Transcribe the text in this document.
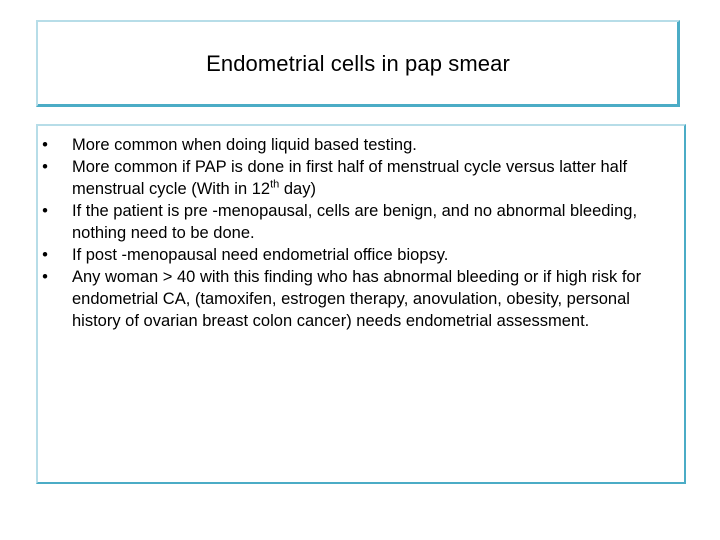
Endometrial cells in pap smear
•	More common when doing liquid based testing.
•	More common if PAP is done in first half of menstrual cycle versus latter half menstrual cycle (With in 12th day)
•	If the patient is pre -menopausal, cells are benign, and no abnormal bleeding, nothing need to be done.
•	If post -menopausal need endometrial office biopsy.
•	Any woman > 40 with this finding who has abnormal bleeding or if high risk for endometrial CA, (tamoxifen, estrogen therapy, anovulation, obesity, personal history of ovarian breast colon cancer) needs endometrial assessment.
